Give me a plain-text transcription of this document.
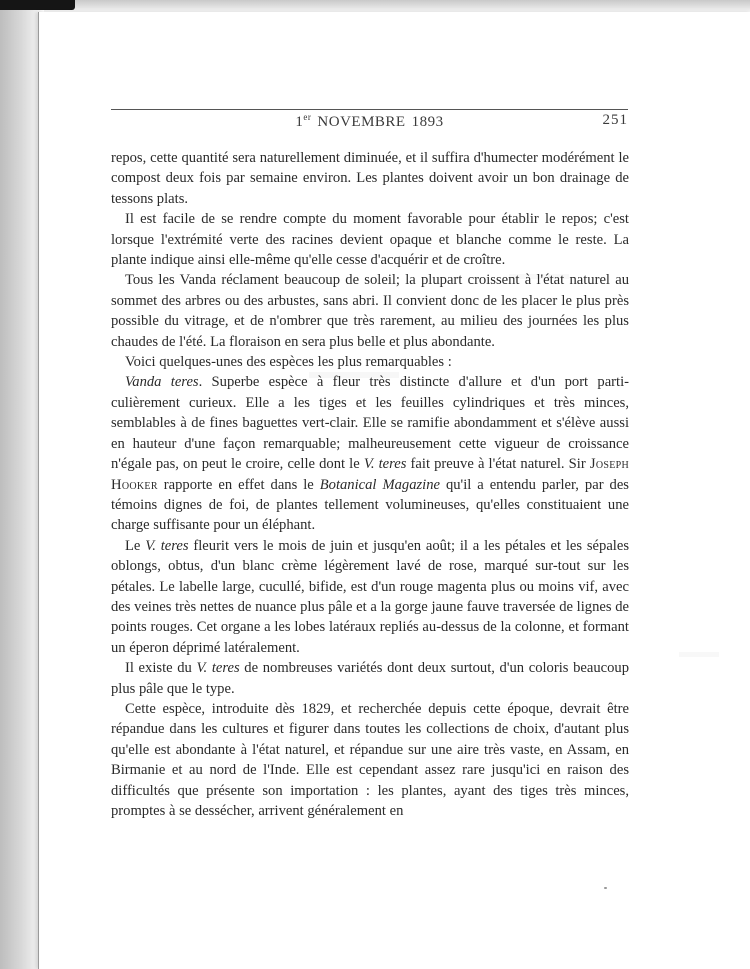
1er NOVEMBRE 1893	251

repos, cette quantité sera naturellement diminuée, et il suffira d'humecter modérément le compost deux fois par semaine environ. Les plantes doivent avoir un bon drainage de tessons plats.

Il est facile de se rendre compte du moment favorable pour établir le repos; c'est lorsque l'extrémité verte des racines devient opaque et blanche comme le reste. La plante indique ainsi elle-même qu'elle cesse d'acquérir et de croître.

Tous les Vanda réclament beaucoup de soleil; la plupart croissent à l'état naturel au sommet des arbres ou des arbustes, sans abri. Il convient donc de les placer le plus près possible du vitrage, et de n'ombrer que très rarement, au milieu des journées les plus chaudes de l'été. La floraison en sera plus belle et plus abondante.

Voici quelques-unes des espèces les plus remarquables :

Vanda teres. Superbe espèce à fleur très distincte d'allure et d'un port parti-culièrement curieux. Elle a les tiges et les feuilles cylindriques et très minces, semblables à de fines baguettes vert-clair. Elle se ramifie abondamment et s'élève aussi en hauteur d'une façon remarquable; malheureusement cette vigueur de croissance n'égale pas, on peut le croire, celle dont le V. teres fait preuve à l'état naturel. Sir Joseph Hooker rapporte en effet dans le Botanical Magazine qu'il a entendu parler, par des témoins dignes de foi, de plantes tellement volumineuses, qu'elles constituaient une charge suffisante pour un éléphant.

Le V. teres fleurit vers le mois de juin et jusqu'en août; il a les pétales et les sépales oblongs, obtus, d'un blanc crème légèrement lavé de rose, marqué sur-tout sur les pétales. Le labelle large, cucullé, bifide, est d'un rouge magenta plus ou moins vif, avec des veines très nettes de nuance plus pâle et a la gorge jaune fauve traversée de lignes de points rouges. Cet organe a les lobes latéraux repliés au-dessus de la colonne, et formant un éperon déprimé latéralement.

Il existe du V. teres de nombreuses variétés dont deux surtout, d'un coloris beaucoup plus pâle que le type.

Cette espèce, introduite dès 1829, et recherchée depuis cette époque, devrait être répandue dans les cultures et figurer dans toutes les collections de choix, d'autant plus qu'elle est abondante à l'état naturel, et répandue sur une aire très vaste, en Assam, en Birmanie et au nord de l'Inde. Elle est cependant assez rare jusqu'ici en raison des difficultés que présente son importation : les plantes, ayant des tiges très minces, promptes à se dessécher, arrivent généralement en
